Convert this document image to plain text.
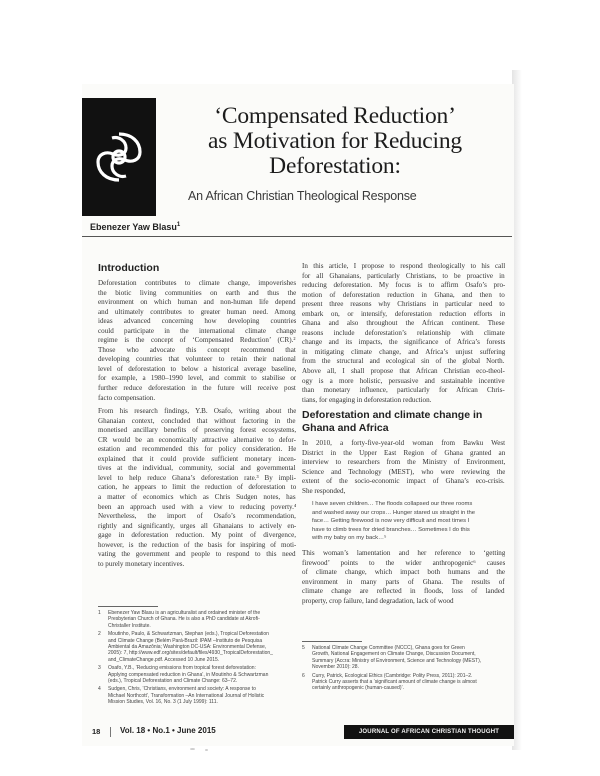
‘Compensated Reduction’
as Motivation for Reducing
Deforestation:
An African Christian Theological Response
Ebenezer Yaw Blasu$^1$
Introduction
Deforestation contributes to climate change, impoverishes
the biotic living communities on earth and thus the
environment on which human and non-human life depend
and ultimately contributes to greater human need. Among
ideas advanced concerning how developing countries
could participate in the international climate change
regime is the concept of ‘Compensated Reduction’ (CR).²
Those who advocate this concept recommend that
developing countries that volunteer to retain their national
level of deforestation to below a historical average baseline,
for example, a 1980–1990 level, and commit to stabilise or
further reduce deforestation in the future will receive post
facto compensation.
From his research findings, Y.B. Osafo, writing about the
Ghanaian context, concluded that without factoring in the
monetised ancillary benefits of preserving forest ecosystems,
CR would be an economically attractive alternative to defor-
estation and recommended this for policy consideration. He
explained that it could provide sufficient monetary incen-
tives at the individual, community, social and governmental
level to help reduce Ghana’s deforestation rate.³ By impli-
cation, he appears to limit the reduction of deforestation to
a matter of economics which as Chris Sudgen notes, has
been an approach used with a view to reducing poverty.⁴
Nevertheless, the import of Osafo’s recommendation,
rightly and significantly, urges all Ghanaians to actively en-
gage in deforestation reduction. My point of divergence,
however, is the reduction of the basis for inspiring of moti-
vating the government and people to respond to this need
to purely monetary incentives.
In this article, I propose to respond theologically to his call
for all Ghanaians, particularly Christians, to be proactive in
reducing deforestation. My focus is to affirm Osafo’s pro-
motion of deforestation reduction in Ghana, and then to
present three reasons why Christians in particular need to
embark on, or intensify, deforestation reduction efforts in
Ghana and also throughout the African continent. These
reasons include deforestation’s relationship with climate
change and its impacts, the significance of Africa’s forests
in mitigating climate change, and Africa’s unjust suffering
from the structural and ecological sin of the global North.
Above all, I shall propose that African Christian eco-theol-
ogy is a more holistic, persuasive and sustainable incentive
than monetary influence, particularly for African Chris-
tians, for engaging in deforestation reduction.
Deforestation and climate change in
Ghana and Africa
In 2010, a forty-five-year-old woman from Bawku West
District in the Upper East Region of Ghana granted an
interview to researchers from the Ministry of Environment,
Science and Technology (MEST), who were reviewing the
extent of the socio-economic impact of Ghana’s eco-crisis.
She responded,
I have seven children… The floods collapsed our three rooms
and washed away our crops… Hunger stared us straight in the
face… Getting firewood is now very difficult and most times I
have to climb trees for dried branches… Sometimes I do this
with my baby on my back…⁵
This woman’s lamentation and her reference to ‘getting
firewood’ points to the wider anthropogenic⁶ causes
of climate change, which impact both humans and the
environment in many parts of Ghana. The results of
climate change are reflected in floods, loss of landed
property, crop failure, land degradation, lack of wood
1	Ebenezer Yaw Blasu is an agriculturalist and ordained minister of the
Presbyterian Church of Ghana. He is also a PhD candidate at Akrofi-
Christaller Institute.
2	Moutinho, Paulo, & Schwartzman, Stephan (eds.), Tropical Deforestation
and Climate Change (Belém Pará-Brazil: IPAM –Instituto de Pesquisa
Ambiental da Amazônia; Washington DC-USA: Environmental Defense,
2005): 7, http://www.edf.org/sites/default/files/4930_TropicalDeforestation_
and_ClimateChange.pdf. Accessed 10 June 2015.
3	Osafo, Y.B., ‘Reducing emissions from tropical forest deforestation:
Applying compensated reduction in Ghana’, in Moutinho & Schwartzman
(eds.), Tropical Deforestation and Climate Change: 63–72.
4	Sudgen, Chris, ‘Christians, environment and society: A response to
Michael Northcott’, Transformation –An International Journal of Holistic
Mission Studies, Vol. 16, No. 3 (1 July 1999): 111.
5	National Climate Change Committee (NCCC), Ghana goes for Green
Growth, National Engagement on Climate Change, Discussion Document,
Summary (Accra: Ministry of Environment, Science and Technology (MEST),
November 2010): 28.
6	Curry, Patrick, Ecological Ethics (Cambridge: Polity Press, 2011): 201–2.
Patrick Curry asserts that a ‘significant amount of climate change is almost
certainly anthropogenic (human-caused)’.
18 Vol. 18 • No.1 • June 2015	JOURNAL OF AFRICAN CHRISTIAN THOUGHT
